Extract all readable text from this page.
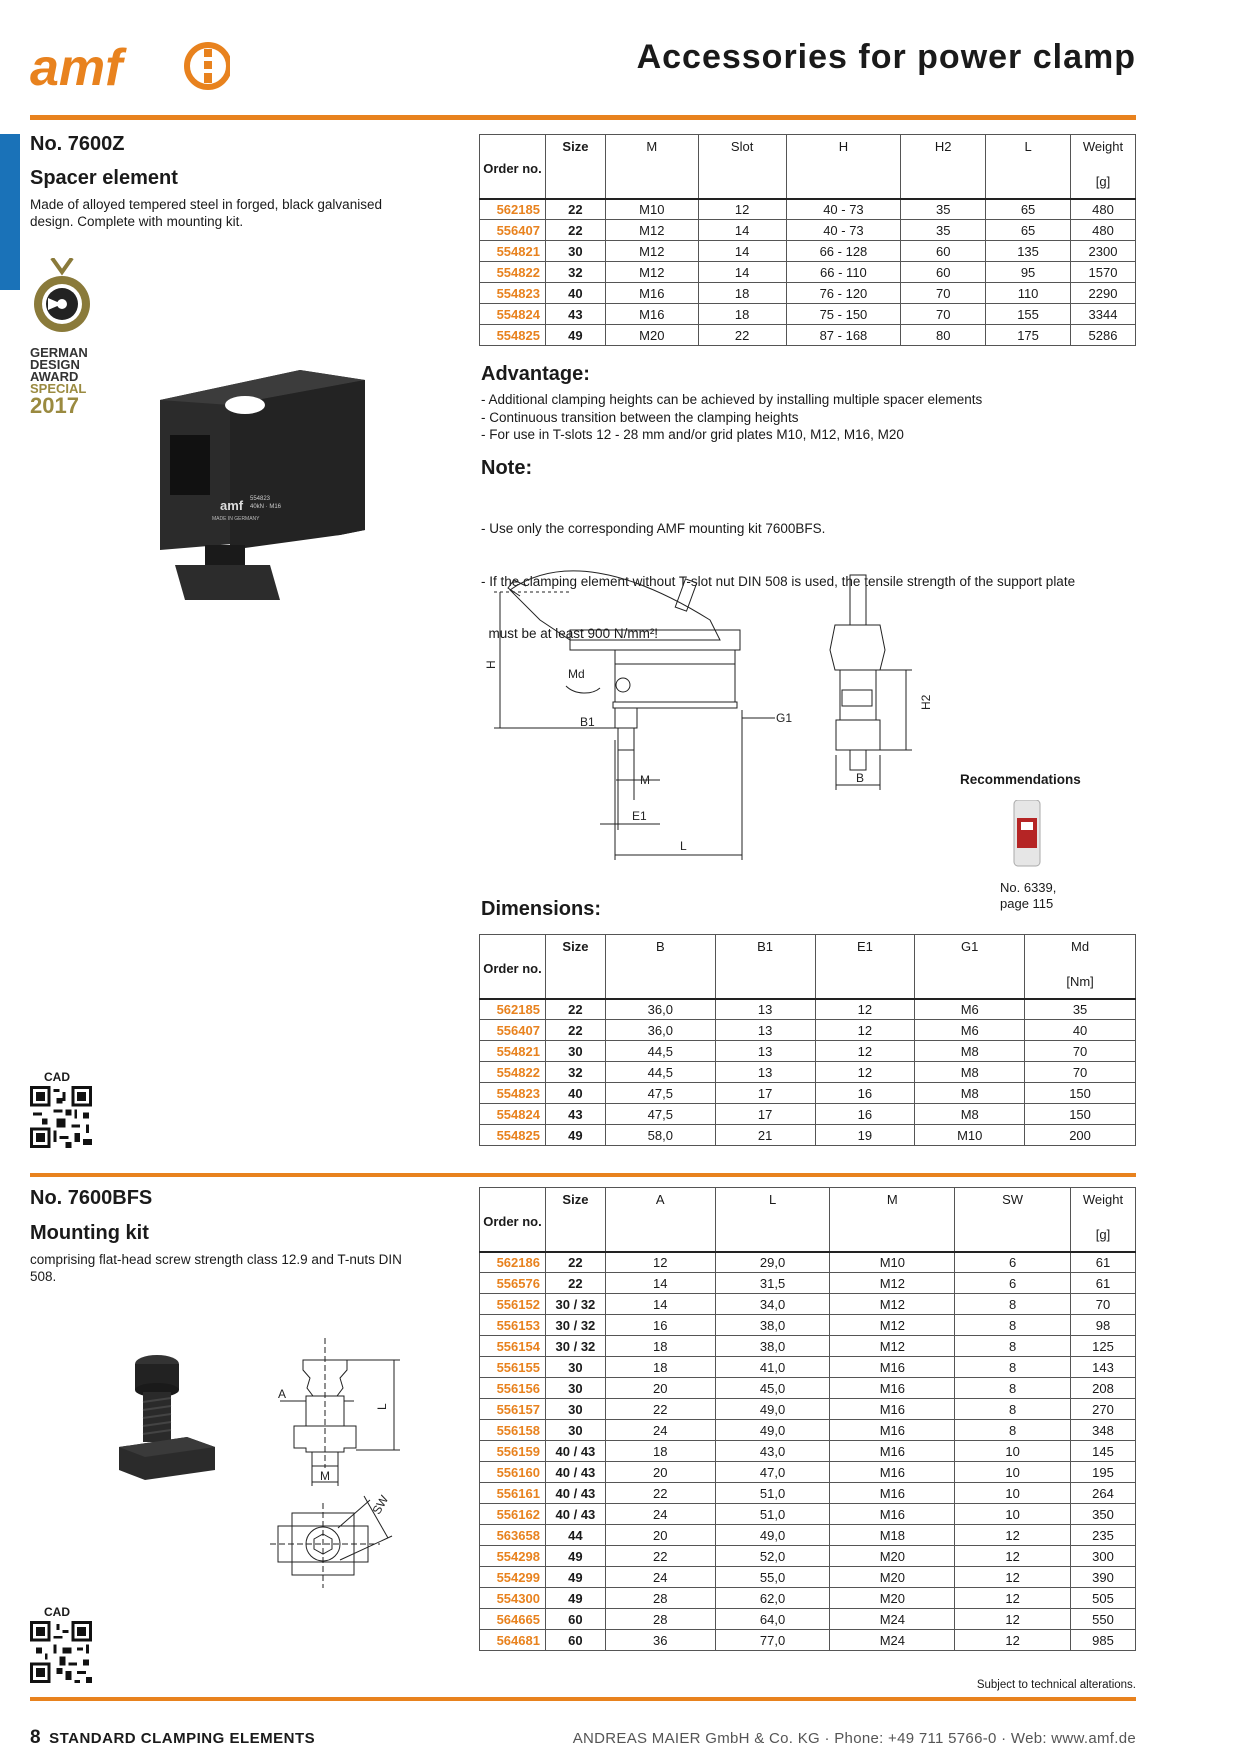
amf	Accessories for power clamp
No. 7600Z
Spacer element
Made of alloyed tempered steel in forged, black galvanised design. Complete with mounting kit.
GERMAN
DESIGN
AWARD
SPECIAL
2017
amf 554823
40kN · M16
MADE IN GERMANY
Order no.	Size	M	Slot	H	H2	L	Weight
[g]

562185	22	M10	12	40 - 73	35	65	480
556407	22	M12	14	40 - 73	35	65	480
554821	30	M12	14	66 - 128	60	135	2300
554822	32	M12	14	66 - 110	60	95	1570
554823	40	M16	18	76 - 120	70	110	2290
554824	43	M16	18	75 - 150	70	155	3344
554825	49	M20	22	87 - 168	80	175	5286
Advantage:
- Additional clamping heights can be achieved by installing multiple spacer elements
- Continuous transition between the clamping heights
- For use in T-slots 12 - 28 mm and/or grid plates M10, M12, M16, M20
Note:

- Use only the corresponding AMF mounting kit 7600BFS.

- If the clamping element without T-slot nut DIN 508 is used, the tensile strength of the support plate

must be at least 900 N/mm²!

H
Md
B1	G1
M
E1
L
H2
B	Recommendations
No. 6339,
page 115
Dimensions:
Order no.	Size	B	B1	E1	G1	Md
[Nm]

562185	22	36,0	13	12	M6	35
556407	22	36,0	13	12	M6	40
554821	30	44,5	13	12	M8	70
554822	32	44,5	13	12	M8	70
554823	40	47,5	17	16	M8	150
554824	43	47,5	17	16	M8	150
554825	49	58,0	21	19	M10	200
CAD
No. 7600BFS
Mounting kit
comprising flat-head screw strength class 12.9 and T-nuts DIN 508.
A
L
M
SW
Order no.	Size	A	L	M	SW	Weight
[g]

562186	22	12	29,0	M10	6	61
556576	22	14	31,5	M12	6	61
556152	30 / 32	14	34,0	M12	8	70
556153	30 / 32	16	38,0	M12	8	98
556154	30 / 32	18	38,0	M12	8	125
556155	30	18	41,0	M16	8	143
556156	30	20	45,0	M16	8	208
556157	30	22	49,0	M16	8	270
556158	30	24	49,0	M16	8	348
556159	40 / 43	18	43,0	M16	10	145
556160	40 / 43	20	47,0	M16	10	195
556161	40 / 43	22	51,0	M16	10	264
556162	40 / 43	24	51,0	M16	10	350
563658	44	20	49,0	M18	12	235
554298	49	22	52,0	M20	12	300
554299	49	24	55,0	M20	12	390
554300	49	28	62,0	M20	12	505
564665	60	28	64,0	M24	12	550
564681	60	36	77,0	M24	12	985
CAD
Subject to technical alterations.
8 STANDARD CLAMPING ELEMENTS	ANDREAS MAIER GmbH & Co. KG · Phone: +49 711 5766-0 · Web: www.amf.de
